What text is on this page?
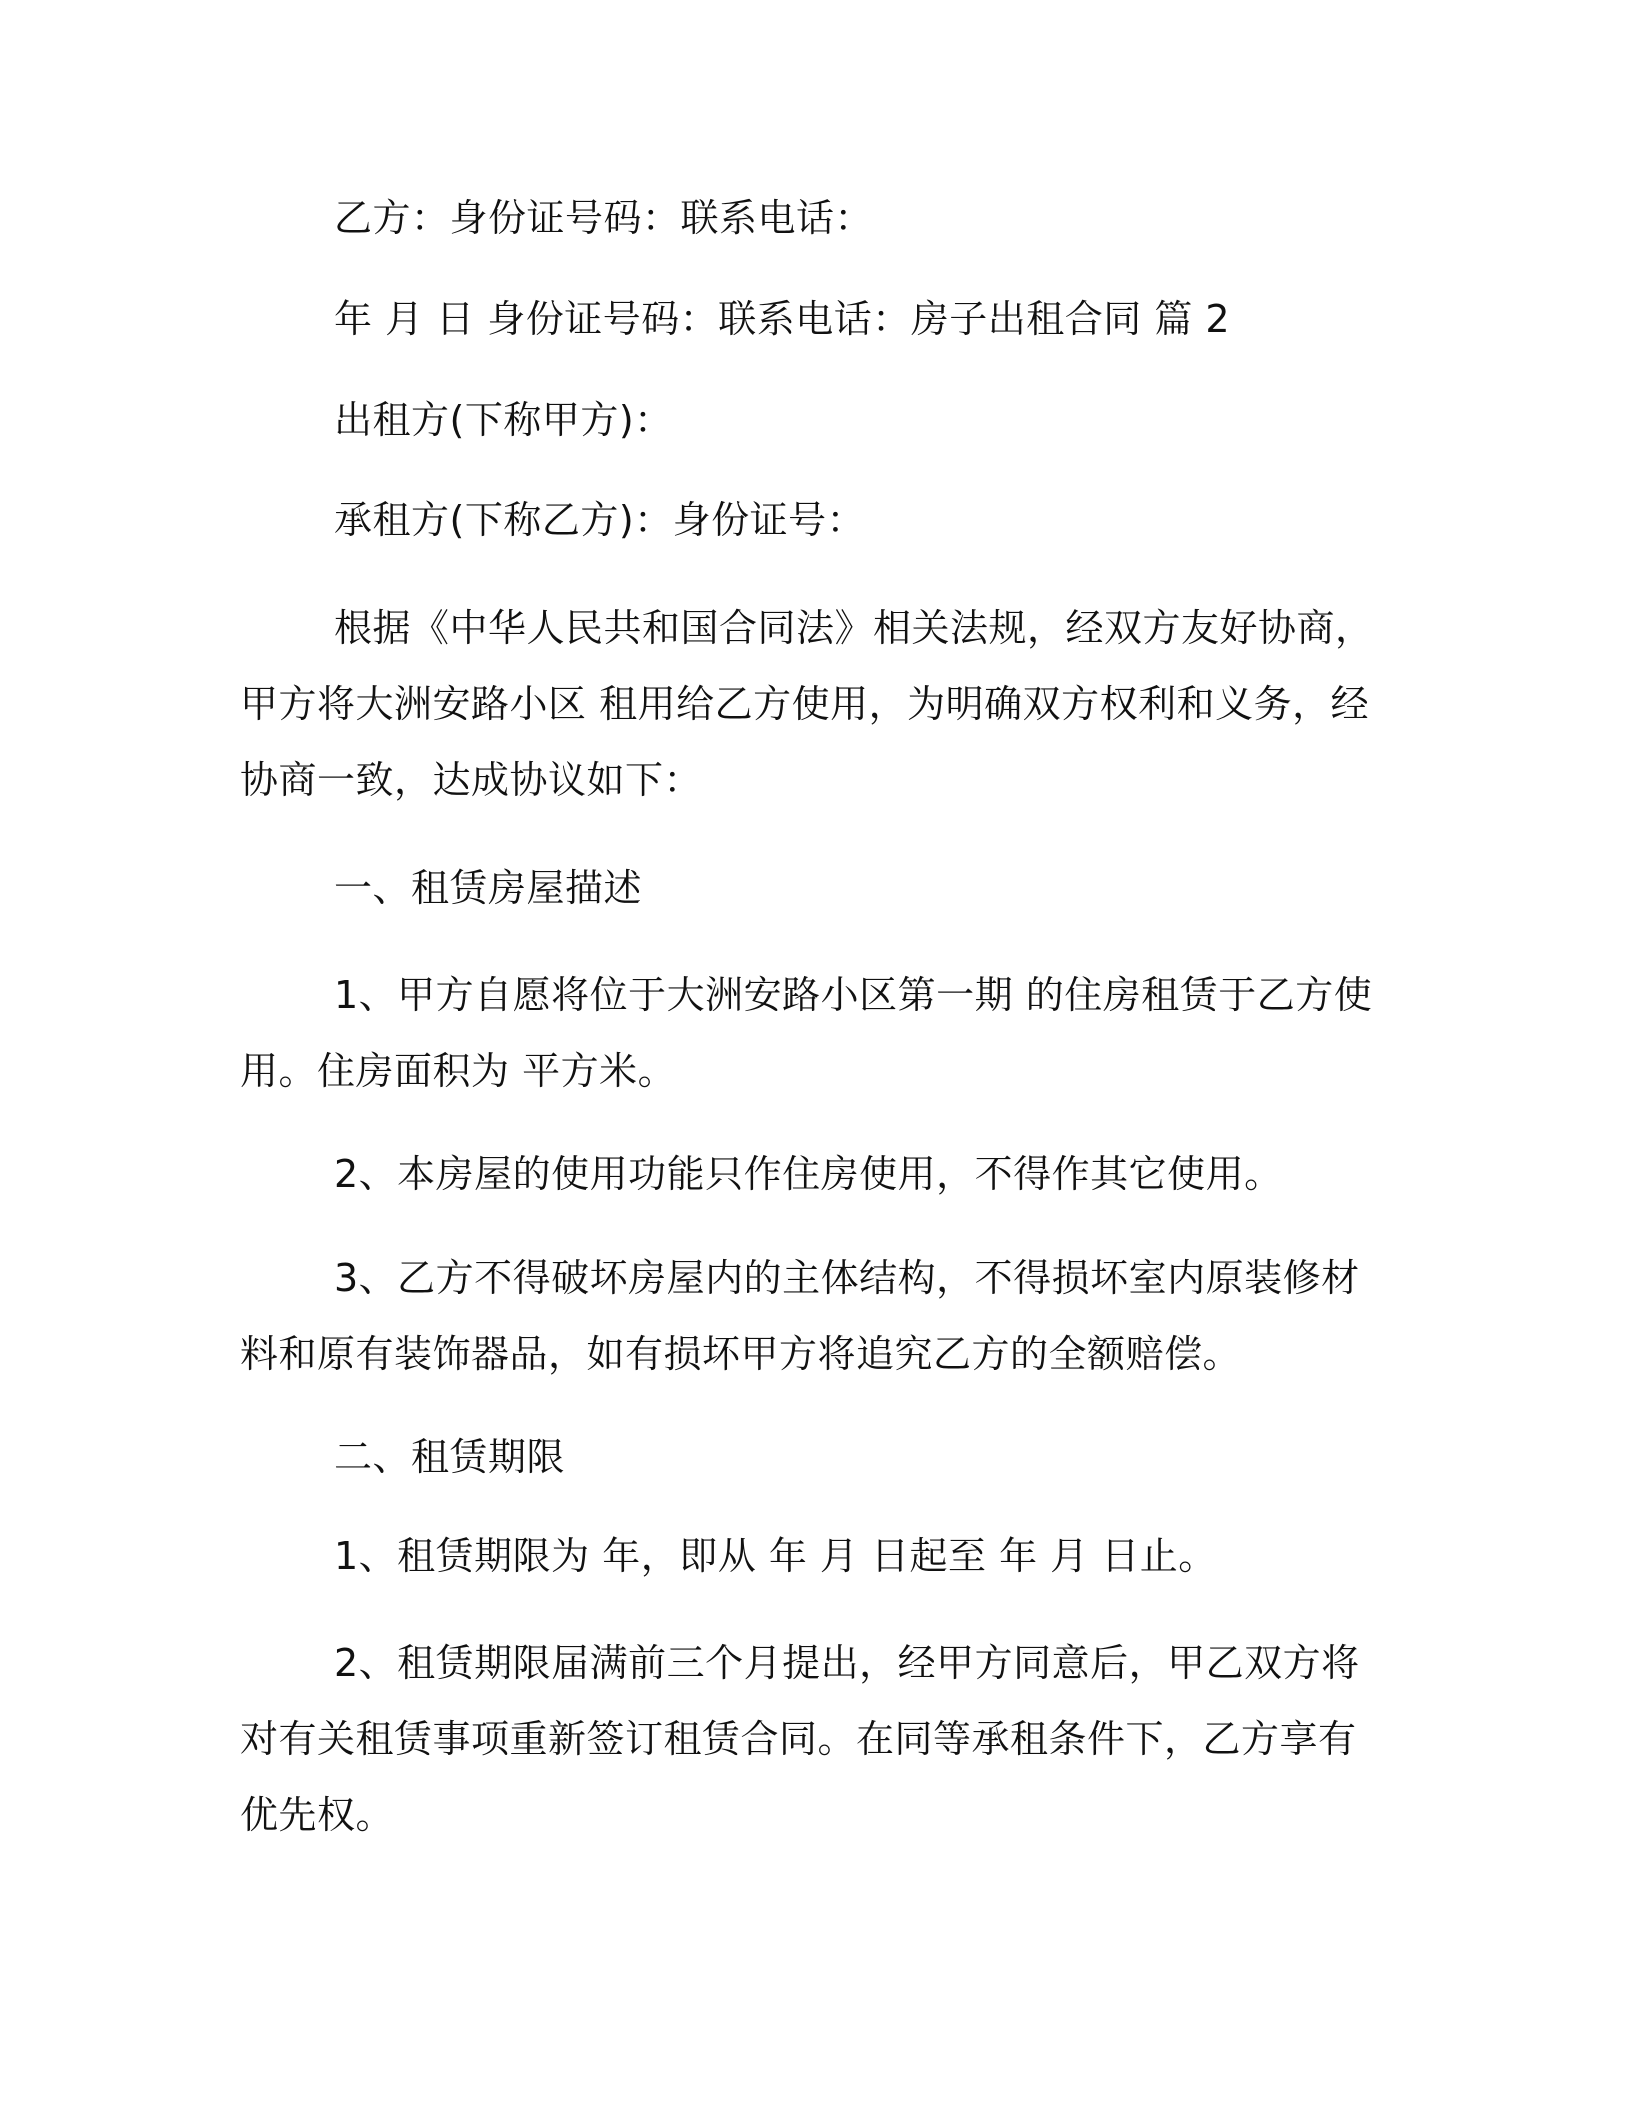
乙方：身份证号码：联系电话：

年 月 日 身份证号码：联系电话：房子出租合同 篇 2

出租方(下称甲方)：

承租方(下称乙方)：身份证号：

根据《中华人民共和国合同法》相关法规，经双方友好协商，甲方将大洲安路小区 租用给乙方使用，为明确双方权利和义务，经协商一致，达成协议如下：

一、租赁房屋描述

1、甲方自愿将位于大洲安路小区第一期 的住房租赁于乙方使用。住房面积为 平方米。

2、本房屋的使用功能只作住房使用，不得作其它使用。

3、乙方不得破坏房屋内的主体结构，不得损坏室内原装修材料和原有装饰器品，如有损坏甲方将追究乙方的全额赔偿。

二、租赁期限

1、租赁期限为 年，即从 年 月 日起至 年 月 日止。

2、租赁期限届满前三个月提出，经甲方同意后，甲乙双方将对有关租赁事项重新签订租赁合同。在同等承租条件下，乙方享有优先权。
